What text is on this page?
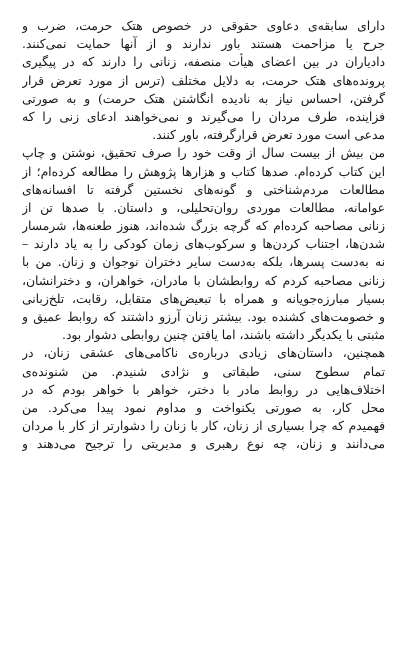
دارای سابقه‌ی دعاوی حقوقی در خصوص هتک حرمت، ضرب و
جرح یا مزاحمت هستند باور ندارند و از آنها حمایت نمی‌کنند.
دادیاران در بین اعضای هیأت منصفه، زنانی را دارند که در پیگیری
پرونده‌های هتک حرمت، به دلایل مختلف (ترس از مورد تعرض قرار
گرفتن، احساس نیاز به نادیده انگاشتن هتک حرمت) و به صورتی
فزاینده، طرف مردان را می‌گیرند و نمی‌خواهند ادعای زنی را که
مدعی است مورد تعرض قرارگرفته، باور کنند.
من بیش از بیست سال از وقت خود را صرف تحقیق، نوشتن و چاپ
این کتاب کرده‌ام. صدها کتاب و هزارها پژوهش را مطالعه کرده‌ام؛ از
مطالعات مردم‌شناختی و گونه‌های نخستین گرفته تا افسانه‌های
عوامانه، مطالعات موردی روان‌تحلیلی، و داستان. با صدها تن از
زنانی مصاحبه کرده‌ام که گرچه بزرگ شده‌اند، هنوز طعنه‌ها، شرمسار
شدن‌ها، اجتناب کردن‌ها و سرکوب‌های زمان کودکی را به یاد دارند –
نه به‌دست پسرها، بلکه به‌دست سایر دختران نوجوان و زنان. من با
زنانی مصاحبه کردم که روابطشان با مادران، خواهران، و دخترانشان،
بسیار مبارزه‌جویانه و همراه با تبعیض‌های متقابل، رقابت، تلخ‌زبانی
و خصومت‌های کشنده بود. بیشتر زنان آرزو داشتند که روابط عمیق و
مثبتی با یکدیگر داشته باشند، اما یافتن چنین روابطی دشوار بود.
همچنین، داستان‌های زیادی درباره‌ی ناکامی‌های عشقی زنان، در
تمام سطوح سنی، طبقاتی و نژادی شنیدم. من شنونده‌ی
اختلاف‌هایی در روابط مادر با دختر، خواهر با خواهر بودم که در
محل کار، به صورتی یکنواخت و مداوم نمود پیدا می‌کرد. من
فهمیدم که چرا بسیاری از زنان، کار با زنان را دشوارتر از کار با مردان
می‌دانند و زنان، چه نوع رهبری و مدیریتی را ترجیح می‌دهند و
